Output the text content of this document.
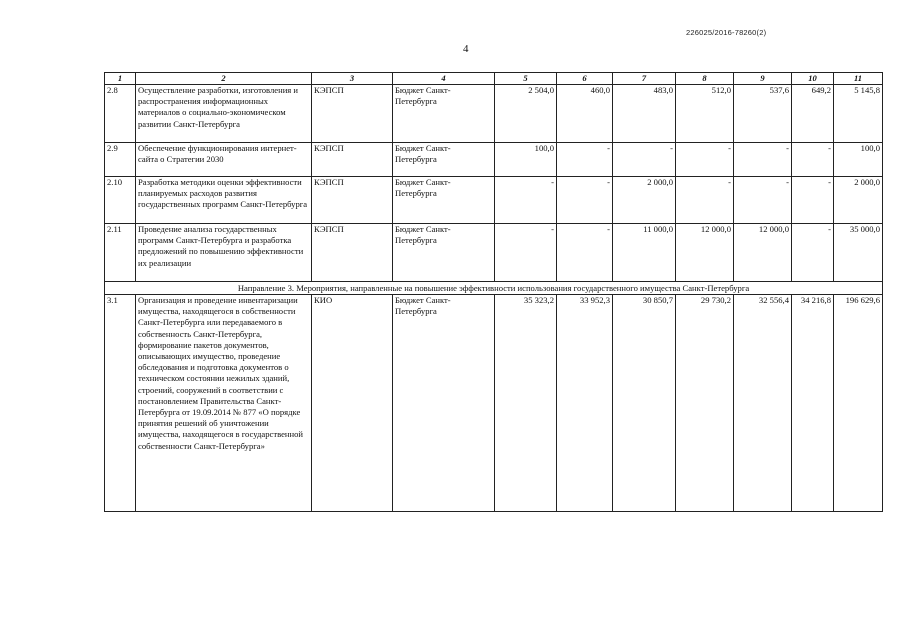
226025/2016-78260(2)
4
1	2	3	4	5	6	7	8	9	10	11
2.8	Осуществление разработки, изготовления и распространения информационных материалов о социально-экономическом развитии Санкт-Петербурга	КЭПСП	Бюджет Санкт-Петербурга	2 504,0	460,0	483,0	512,0	537,6	649,2	5 145,8
2.9	Обеспечение функционирования интернет-сайта о Стратегии 2030	КЭПСП	Бюджет Санкт-Петербурга	100,0	-	-	-	-	-	100,0
2.10	Разработка методики оценки эффективности планируемых расходов развития государственных программ Санкт-Петербурга	КЭПСП	Бюджет Санкт-Петербурга	-	-	2 000,0	-	-	-	2 000,0
2.11	Проведение анализа государственных программ Санкт-Петербурга и разработка предложений по повышению эффективности их реализации	КЭПСП	Бюджет Санкт-Петербурга	-	-	11 000,0	12 000,0	12 000,0	-	35 000,0
Направление 3. Мероприятия, направленные на повышение эффективности использования государственного имущества Санкт-Петербурга										
3.1	Организация и проведение инвентаризации имущества, находящегося в собственности Санкт-Петербурга или передаваемого в собственность Санкт-Петербурга, формирование пакетов документов, описывающих имущество, проведение обследования и подготовка документов о техническом состоянии нежилых зданий, строений, сооружений в соответствии с постановлением Правительства Санкт-Петербурга от 19.09.2014 № 877 «О порядке принятия решений об уничтожении имущества, находящегося в государственной собственности Санкт-Петербурга»	КИО	Бюджет Санкт-Петербурга	35 323,2	33 952,3	30 850,7	29 730,2	32 556,4	34 216,8	196 629,6
